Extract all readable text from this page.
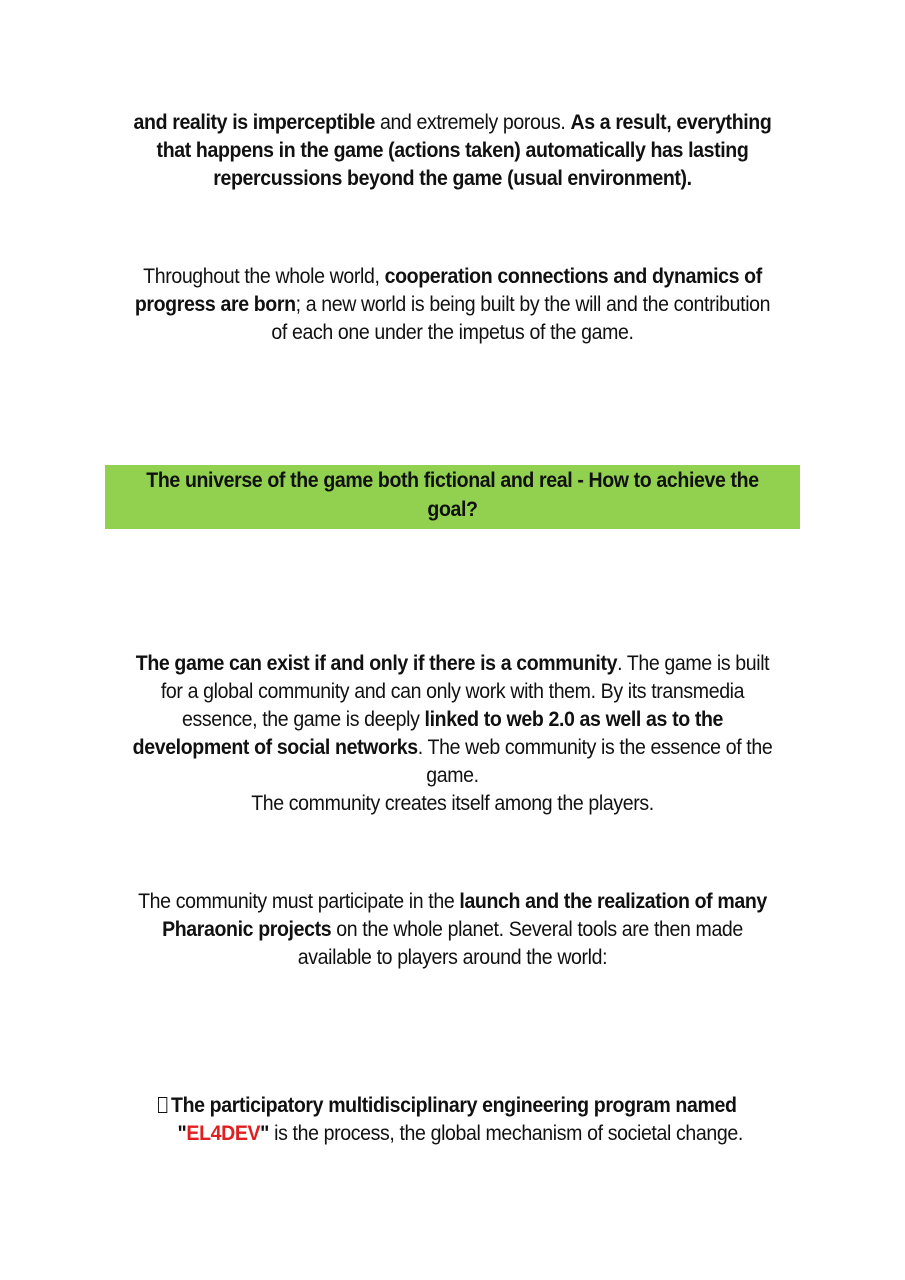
and reality is imperceptible and extremely porous. As a result, everything that happens in the game (actions taken) automatically has lasting repercussions beyond the game (usual environment).
Throughout the whole world, cooperation connections and dynamics of progress are born; a new world is being built by the will and the contribution of each one under the impetus of the game.
The universe of the game both fictional and real - How to achieve the goal?
The game can exist if and only if there is a community. The game is built for a global community and can only work with them. By its transmedia essence, the game is deeply linked to web 2.0 as well as to the development of social networks. The web community is the essence of the game.
The community creates itself among the players.
The community must participate in the launch and the realization of many Pharaonic projects on the whole planet. Several tools are then made available to players around the world:
The participatory multidisciplinary engineering program named
"EL4DEV" is the process, the global mechanism of societal change.
